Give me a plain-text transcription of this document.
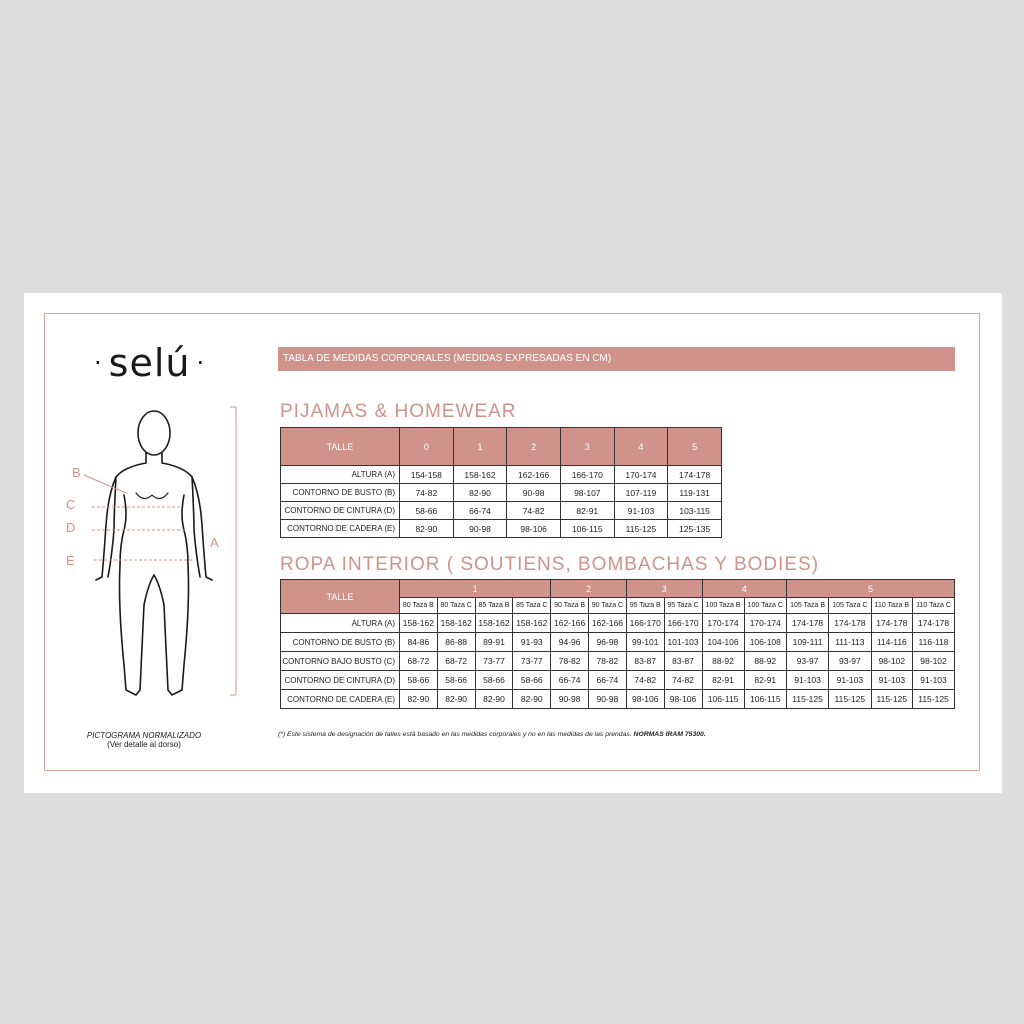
· selú ·	TABLA DE MEDIDAS CORPORALES (MEDIDAS EXPRESADAS EN CM)
B
C
D
E
A
PICTOGRAMA NORMALIZADO
(Ver detalle al dorso)
PIJAMAS & HOMEWEAR
TALLE	0	1	2	3	4	5
ALTURA (A)	154-158	158-162	162-166	166-170	170-174	174-178
CONTORNO DE BUSTO (B)	74-82	82-90	90-98	98-107	107-119	119-131
CONTORNO DE CINTURA (D)	58-66	66-74	74-82	82-91	91-103	103-115
CONTORNO DE CADERA (E)	82-90	90-98	98-106	106-115	115-125	125-135
ROPA INTERIOR ( SOUTIENS, BOMBACHAS Y BODIES)
TALLE	1				2		3		4		5			
	80 Taza B	80 Taza C	85 Taza B	85 Taza C	90 Taza B	90 Taza C	95 Taza B	95 Taza C	100 Taza B	100 Taza C	105 Taza B	105 Taza C	110 Taza B	110 Taza C
ALTURA (A)	158-162	158-162	158-162	158-162	162-166	162-166	166-170	166-170	170-174	170-174	174-178	174-178	174-178	174-178
CONTORNO DE BUSTO (B)	84-86	86-88	89-91	91-93	94-96	96-98	99-101	101-103	104-106	106-108	109-111	111-113	114-116	116-118
CONTORNO BAJO BUSTO (C)	68-72	68-72	73-77	73-77	78-82	78-82	83-87	83-87	88-92	88-92	93-97	93-97	98-102	98-102
CONTORNO DE CINTURA (D)	58-66	58-66	58-66	58-66	66-74	66-74	74-82	74-82	82-91	82-91	91-103	91-103	91-103	91-103
CONTORNO DE CADERA (E)	82-90	82-90	82-90	82-90	90-98	90-98	98-106	98-106	106-115	106-115	115-125	115-125	115-125	115-125
(*) Este sistema de designación de talles está basado en las medidas corporales y no en las medidas de las prendas. NORMAS IRAM 75300.
